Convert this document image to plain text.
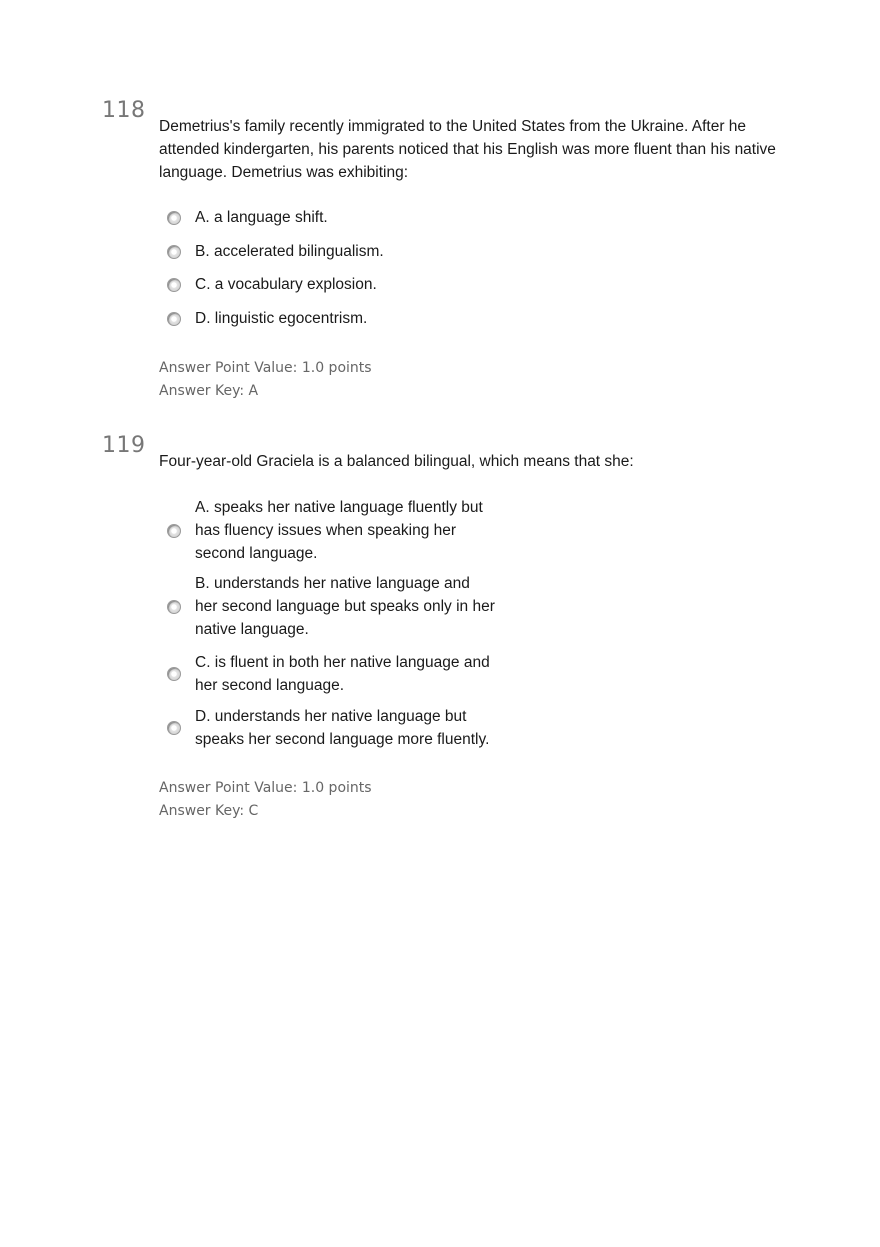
118
Demetrius's family recently immigrated to the United States from the Ukraine. After he attended kindergarten, his parents noticed that his English was more fluent than his native language. Demetrius was exhibiting:
A. a language shift.
B. accelerated bilingualism.
C. a vocabulary explosion.
D. linguistic egocentrism.
Answer Point Value: 1.0 points
Answer Key: A
119
Four-year-old Graciela is a balanced bilingual, which means that she:
A. speaks her native language fluently but has fluency issues when speaking her second language.
B. understands her native language and her second language but speaks only in her native language.
C. is fluent in both her native language and her second language.
D. understands her native language but speaks her second language more fluently.
Answer Point Value: 1.0 points
Answer Key: C
